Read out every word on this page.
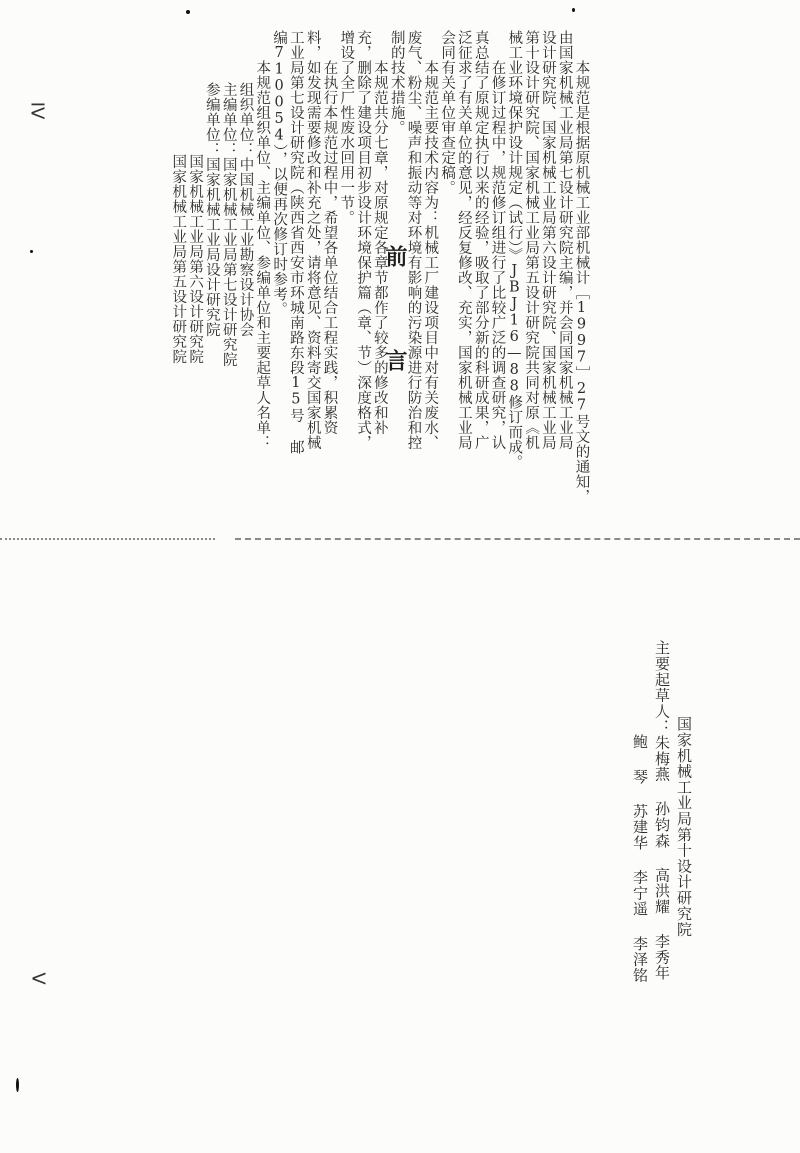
前 言	本规范是根据原机械工业部机械计［1997］27号文的通知，
由国家机械工业局第七设计研究院主编，并会同国家机械工业局
设计研究院、国家机械工业局第六设计研究院、国家机械工业局
第十设计研究院、国家机械工业局第五设计研究院共同对原《机
械工业环境保护设计规定（试行）》JBJ16—88修订而成。
在修订过程中，规范修订组进行了比较广泛的调查研究，认
真总结了原规定执行以来的经验，吸取了部分新的科研成果，广
泛征求了有关单位的意见，经反复修改、充实，国家机械工业局
会同有关单位审查定稿。
本规范主要技术内容为：机械工厂建设项目中对有关废水、
废气、粉尘、噪声和振动等对环境有影响的污染源进行防治和控
制的技术措施。
本规范共分七章，对原规定各章节都作了较多的修改和补
充，删除了建设项目初步设计环境保护篇（章、节）深度格式，
增设了全厂性废水回用一节。
在执行本规范过程中，希望各单位结合工程实践，积累资
料，如发现需要修改和补充之处，请将意见、资料寄交国家机械
工业局第七设计研究院（陕西省西安市环城南路东段15号 邮
编710054），以便再次修订时参考。
本规范组织单位、主编单位、参编单位和主要起草人名单：
组织单位：中国机械工业勘察设计协会
主编单位：国家机械工业局第七设计研究院
参编单位：国家机械工业局设计研究院
国家机械工业局第六设计研究院
国家机械工业局第五设计研究院
国家机械工业局第十设计研究院
主要起草人：朱梅燕 孙钧森 高洪耀 李秀年
鲍 琴 苏建华 李宁遥 李泽铭
IV
V
